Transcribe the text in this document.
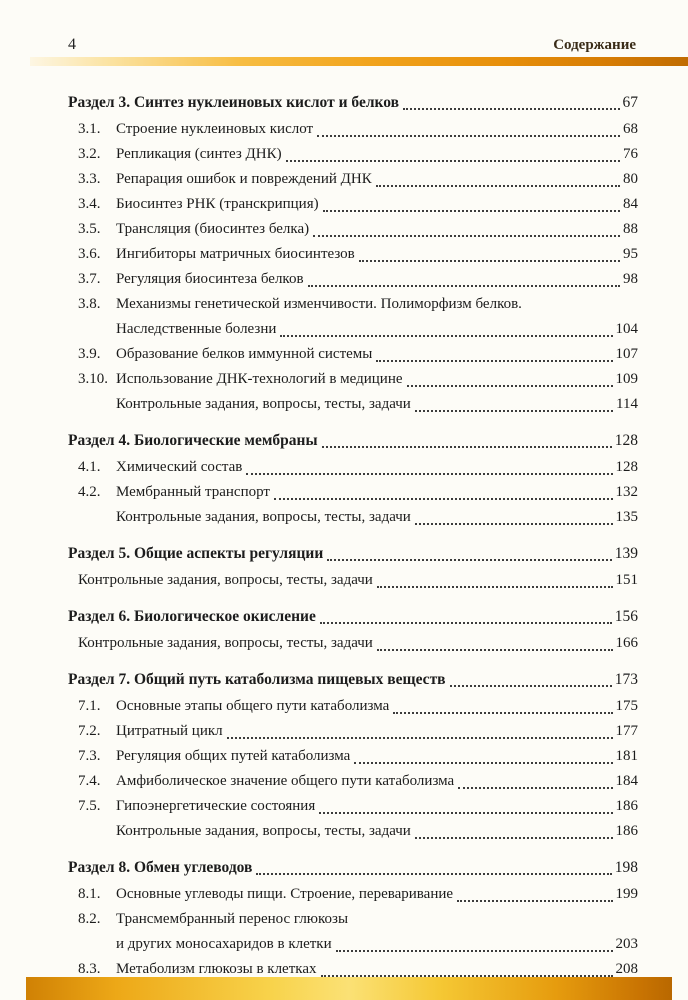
4	Содержание
Раздел 3. Синтез нуклеиновых кислот и белков	67
3.1.	Строение нуклеиновых кислот	68
3.2.	Репликация (синтез ДНК)	76
3.3.	Репарация ошибок и повреждений ДНК	80
3.4.	Биосинтез РНК (транскрипция)	84
3.5.	Трансляция (биосинтез белка)	88
3.6.	Ингибиторы матричных биосинтезов	95
3.7.	Регуляция биосинтеза белков	98
3.8.	Механизмы генетической изменчивости. Полиморфизм белков.
Наследственные болезни	104
3.9.	Образование белков иммунной системы	107
3.10. Использование ДНК-технологий в медицине	109
Контрольные задания, вопросы, тесты, задачи	114
Раздел 4. Биологические мембраны	128
4.1.	Химический состав	128
4.2.	Мембранный транспорт	132
Контрольные задания, вопросы, тесты, задачи	135
Раздел 5. Общие аспекты регуляции	139
Контрольные задания, вопросы, тесты, задачи	151
Раздел 6. Биологическое окисление	156
Контрольные задания, вопросы, тесты, задачи	166
Раздел 7. Общий путь катаболизма пищевых веществ	173
7.1.	Основные этапы общего пути катаболизма	175
7.2.	Цитратный цикл	177
7.3.	Регуляция общих путей катаболизма	181
7.4.	Амфиболическое значение общего пути катаболизма	184
7.5.	Гипоэнергетические состояния	186
Контрольные задания, вопросы, тесты, задачи	186
Раздел 8. Обмен углеводов	198
8.1.	Основные углеводы пищи. Строение, переваривание	199
8.2.	Трансмембранный перенос глюкозы
и других моносахаридов в клетки	203
8.3.	Метаболизм глюкозы в клетках	208
